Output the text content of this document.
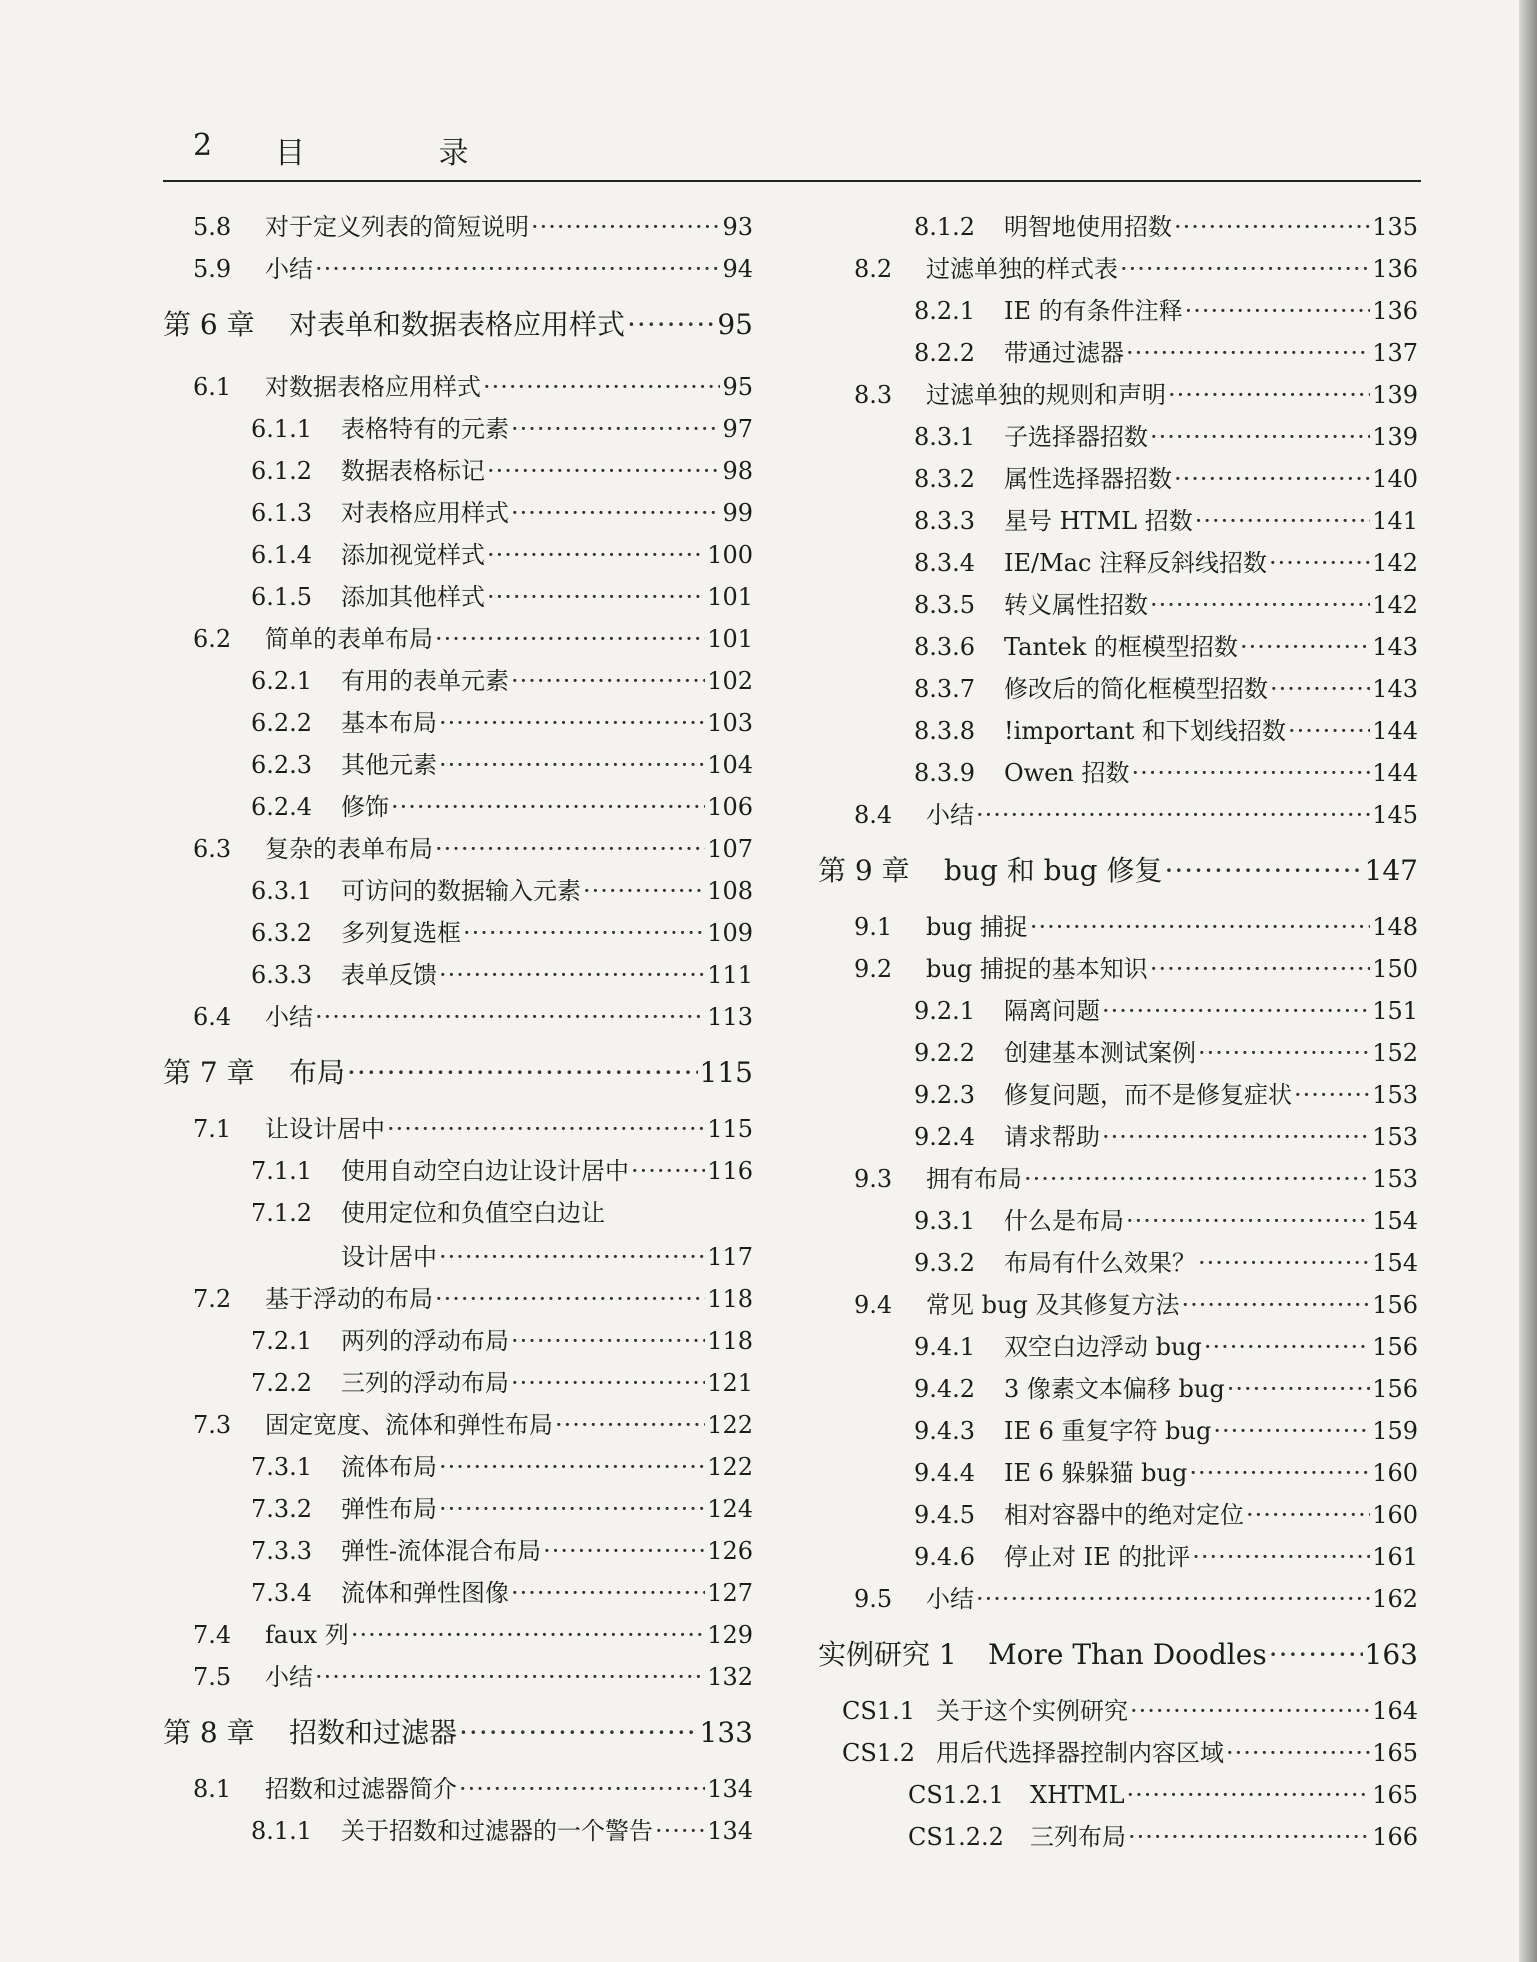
2 目 录
5.8	对于定义列表的简短说明 ·····	93
5.9	小结 ·····	94
第 6 章	对表单和数据表格应用样式 ·····	95
6.1	对数据表格应用样式 ·····	95
6.1.1 表格特有的元素 ·····	97
6.1.2 数据表格标记 ·····	98
6.1.3 对表格应用样式 ·····	99
6.1.4 添加视觉样式 ·····	100
6.1.5 添加其他样式 ·····	101
6.2	简单的表单布局 ·····	101
6.2.1 有用的表单元素 ·····	102
6.2.2 基本布局 ·····	103
6.2.3 其他元素 ·····	104
6.2.4 修饰 ·····	106
6.3	复杂的表单布局 ·····	107
6.3.1 可访问的数据输入元素 ·····	108
6.3.2 多列复选框 ·····	109
6.3.3 表单反馈 ·····	111
6.4	小结 ·····	113
第 7 章	布局 ·····	115
7.1	让设计居中 ·····	115
7.1.1 使用自动空白边让设计居中 ·····	116
7.1.2 使用定位和负值空白边让
设计居中 ·····	117
7.2	基于浮动的布局 ·····	118
7.2.1 两列的浮动布局 ·····	118
7.2.2 三列的浮动布局 ·····	121
7.3	固定宽度、流体和弹性布局 ·····	122
7.3.1 流体布局 ·····	122
7.3.2 弹性布局 ·····	124
7.3.3 弹性-流体混合布局 ·····	126
7.3.4 流体和弹性图像 ·····	127
7.4	faux 列 ·····	129
7.5	小结 ·····	132
第 8 章	招数和过滤器 ·····	133
8.1	招数和过滤器简介 ·····	134
8.1.1 关于招数和过滤器的一个警告 ····· 134
8.1.2 明智地使用招数 ·····	135
8.2	过滤单独的样式表 ·····	136
8.2.1 IE 的有条件注释 ·····	136
8.2.2 带通过滤器 ·····	137
8.3	过滤单独的规则和声明 ·····	139
8.3.1 子选择器招数 ·····	139
8.3.2 属性选择器招数 ·····	140
8.3.3 星号 HTML 招数 ·····	141
8.3.4 IE/Mac 注释反斜线招数 ·····	142
8.3.5 转义属性招数 ·····	142
8.3.6 Tantek 的框模型招数 ·····	143
8.3.7 修改后的简化框模型招数 ·····	143
8.3.8 !important 和下划线招数 ·····	144
8.3.9 Owen 招数 ·····	144
8.4	小结 ·····	145
第 9 章	bug 和 bug 修复 ·····	147
9.1	bug 捕捉 ·····	148
9.2	bug 捕捉的基本知识 ·····	150
9.2.1 隔离问题 ·····	151
9.2.2 创建基本测试案例 ·····	152
9.2.3 修复问题，而不是修复症状 ·····	153
9.2.4 请求帮助 ·····	153
9.3	拥有布局 ·····	153
9.3.1 什么是布局 ·····	154
9.3.2 布局有什么效果？ ·····	154
9.4	常见 bug 及其修复方法 ·····	156
9.4.1 双空白边浮动 bug ·····	156
9.4.2 3 像素文本偏移 bug ·····	156
9.4.3 IE 6 重复字符 bug ·····	159
9.4.4 IE 6 躲躲猫 bug ·····	160
9.4.5 相对容器中的绝对定位 ·····	160
9.4.6 停止对 IE 的批评 ·····	161
9.5	小结 ·····	162
实例研究 1 More Than Doodles ·····	163
CS1.1 关于这个实例研究 ·····	164
CS1.2 用后代选择器控制内容区域 ·····	165
CS1.2.1 XHTML ·····	165
CS1.2.2 三列布局 ·····	166
